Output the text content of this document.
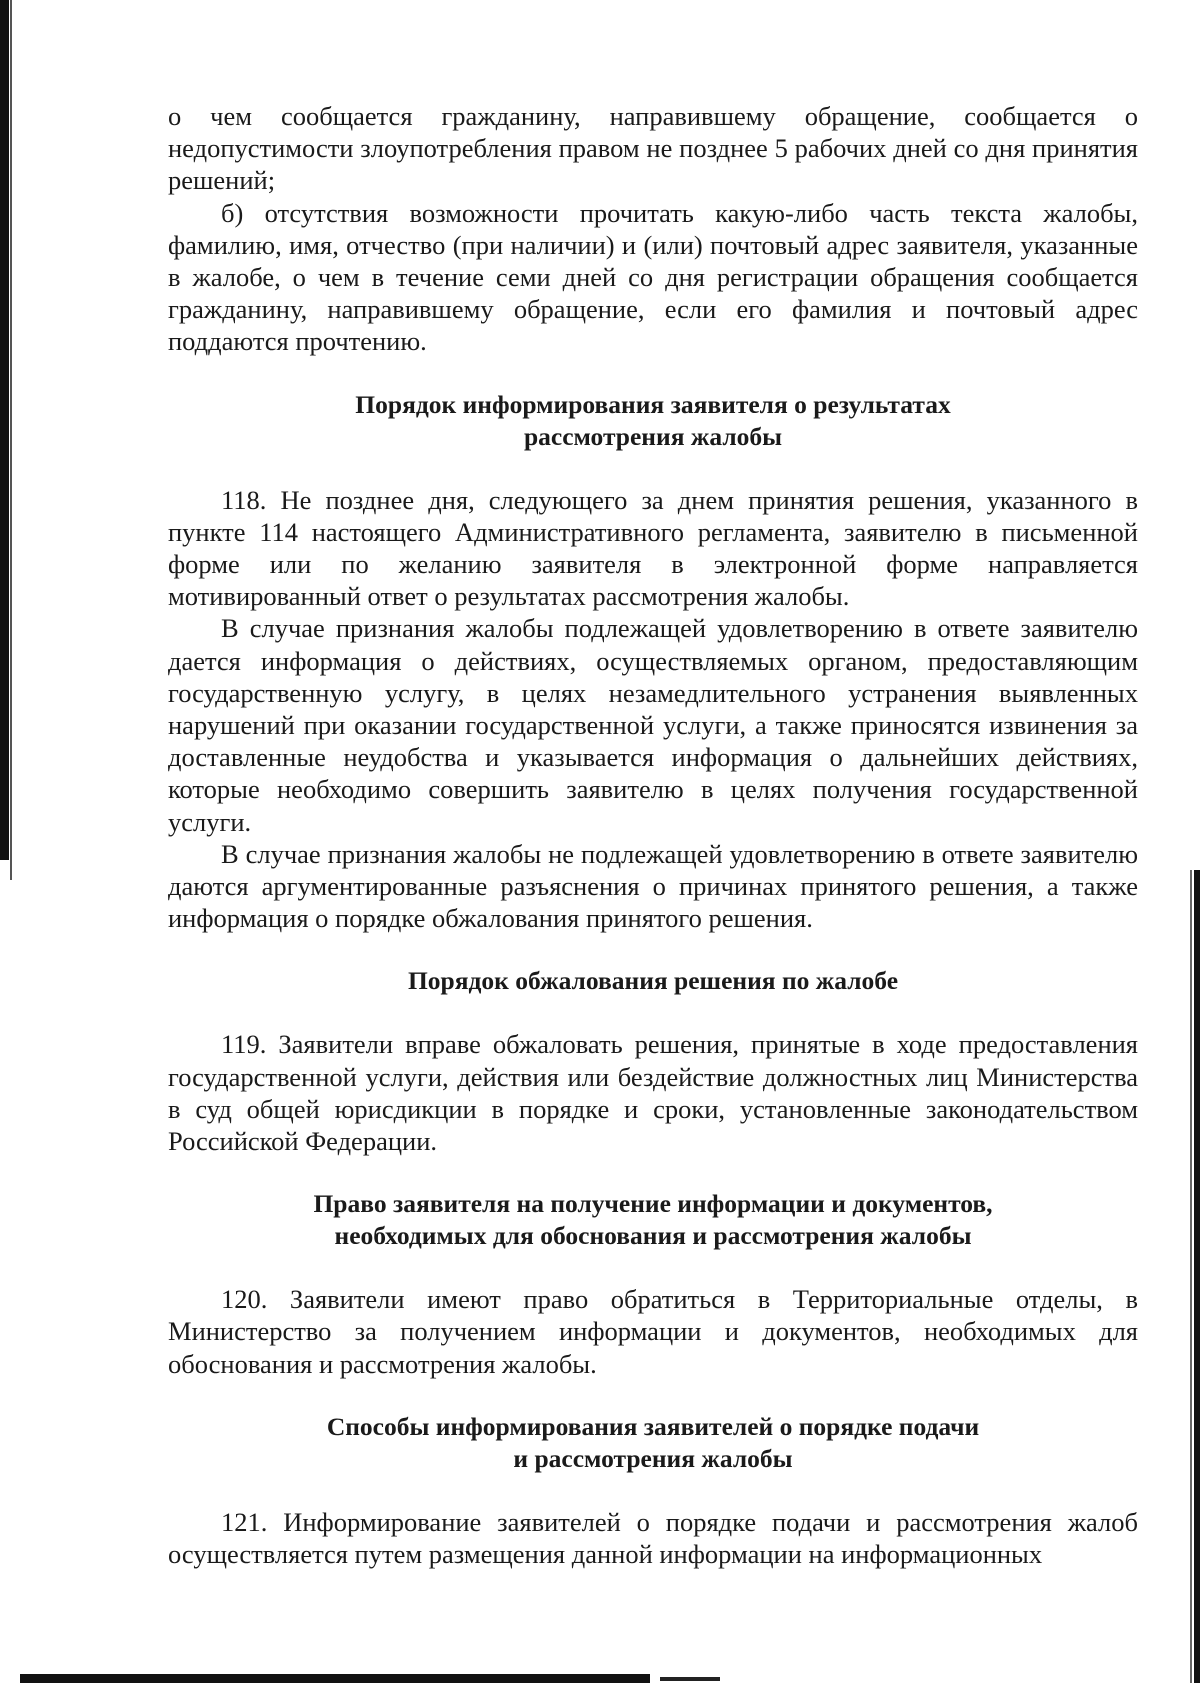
о чем сообщается гражданину, направившему обращение, сообщается о недопустимости злоупотребления правом не позднее 5 рабочих дней со дня принятия решений;

б) отсутствия возможности прочитать какую-либо часть текста жалобы, фамилию, имя, отчество (при наличии) и (или) почтовый адрес заявителя, указанные в жалобе, о чем в течение семи дней со дня регистрации обращения сообщается гражданину, направившему обращение, если его фамилия и почтовый адрес поддаются прочтению.

Порядок информирования заявителя о результатах
рассмотрения жалобы

118. Не позднее дня, следующего за днем принятия решения, указанного в пункте 114 настоящего Административного регламента, заявителю в письменной форме или по желанию заявителя в электронной форме направляется мотивированный ответ о результатах рассмотрения жалобы.

В случае признания жалобы подлежащей удовлетворению в ответе заявителю дается информация о действиях, осуществляемых органом, предоставляющим государственную услугу, в целях незамедлительного устранения выявленных нарушений при оказании государственной услуги, а также приносятся извинения за доставленные неудобства и указывается информация о дальнейших действиях, которые необходимо совершить заявителю в целях получения государственной услуги.

В случае признания жалобы не подлежащей удовлетворению в ответе заявителю даются аргументированные разъяснения о причинах принятого решения, а также информация о порядке обжалования принятого решения.

Порядок обжалования решения по жалобе

119. Заявители вправе обжаловать решения, принятые в ходе предоставления государственной услуги, действия или бездействие должностных лиц Министерства в суд общей юрисдикции в порядке и сроки, установленные законодательством Российской Федерации.

Право заявителя на получение информации и документов,
необходимых для обоснования и рассмотрения жалобы

120. Заявители имеют право обратиться в Территориальные отделы, в Министерство за получением информации и документов, необходимых для обоснования и рассмотрения жалобы.

Способы информирования заявителей о порядке подачи
и рассмотрения жалобы

121. Информирование заявителей о порядке подачи и рассмотрения жалоб осуществляется путем размещения данной информации на информационных
